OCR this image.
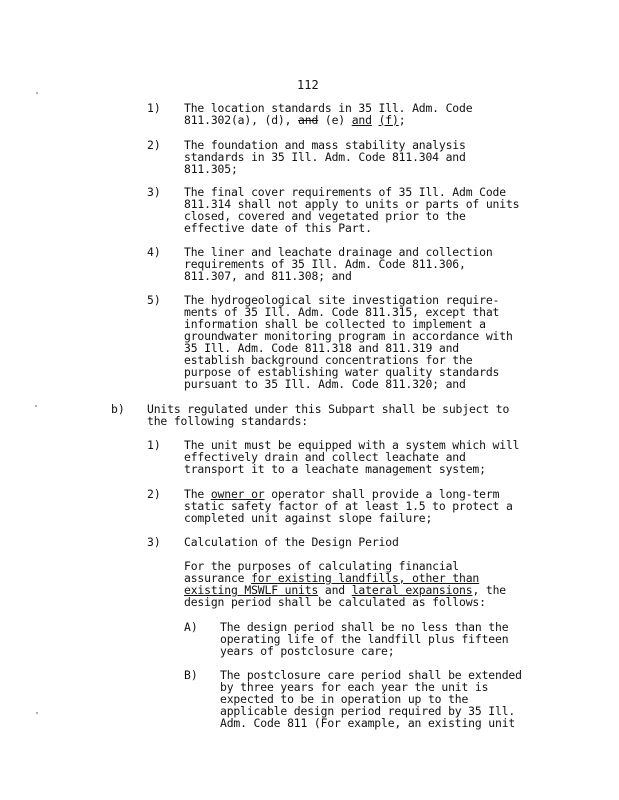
112
1) The location standards in 35 Ill. Adm. Code
811.302(a), (d), and (e) and (f);
2) The foundation and mass stability analysis
standards in 35 Ill. Adm. Code 811.304 and
811.305;
3) The final cover requirements of 35 Ill. Adm Code
811.314 shall not apply to units or parts of units
closed, covered and vegetated prior to the
effective date of this Part.
4) The liner and leachate drainage and collection
requirements of 35 Ill. Adm. Code 811.306,
811.307, and 811.308; and
5) The hydrogeological site investigation require-
ments of 35 Ill. Adm. Code 811.315, except that
information shall be collected to implement a
groundwater monitoring program in accordance with
35 Ill. Adm. Code 811.318 and 811.319 and
establish background concentrations for the
purpose of establishing water quality standards
pursuant to 35 Ill. Adm. Code 811.320; and
b) Units regulated under this Subpart shall be subject to
the following standards:
1) The unit must be equipped with a system which will
effectively drain and collect leachate and
transport it to a leachate management system;
2) The owner or operator shall provide a long-term
static safety factor of at least 1.5 to protect a
completed unit against slope failure;
3) Calculation of the Design Period
For the purposes of calculating financial
assurance for existing landfills, other than
existing MSWLF units and lateral expansions, the
design period shall be calculated as follows:
A) The design period shall be no less than the
operating life of the landfill plus fifteen
years of postclosure care;
B) The postclosure care period shall be extended
by three years for each year the unit is
expected to be in operation up to the
applicable design period required by 35 Ill.
Adm. Code 811 (For example, an existing unit
